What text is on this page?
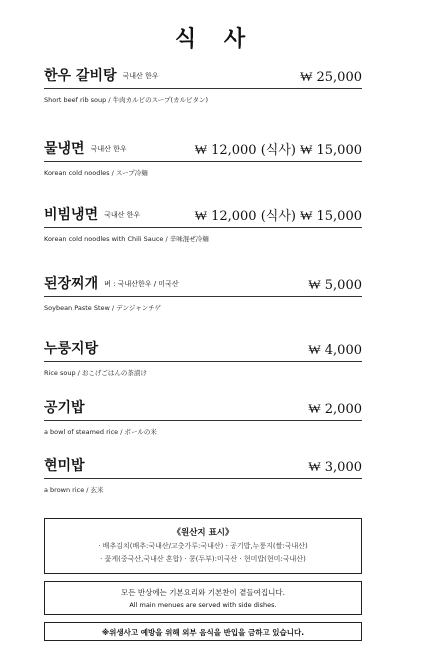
식 사
한우 갈비탕 국내산 한우	₩ 25,000
Short beef rib soup / 牛肉カルビのスープ(カルビタン)
물냉면 국내산 한우	₩ 12,000 (식사) ₩ 15,000
Korean cold noodles / スープ冷麺
비빔냉면 국내산 한우	₩ 12,000 (식사) ₩ 15,000
Korean cold noodles with Chili Sauce / 辛味混ぜ冷麺
된장찌개 벼 : 국내산한우 / 미국산	₩ 5,000
Soybean Paste Stew / デンジャンチゲ
누룽지탕	₩ 4,000
Rice soup / おこげごはんの茶漬け
공기밥	₩ 2,000
a bowl of steamed rice / ボールの米
현미밥	₩ 3,000
a brown rice / 玄米
《원산지 표시》
· 배추김치(배추:국내산/고춧가루:국내산) · 공기밥,누룽지(쌀:국내산)
· 꽃게(중국산,국내산 혼합) · 콩(두부):미국산 · 현미밥(현미:국내산)
모든 반상에는 기본요리와 기본찬이 곁들여집니다.
All main menues are served with side dishes.
※위생사고 예방을 위해 외부 음식을 반입을 금하고 있습니다.
